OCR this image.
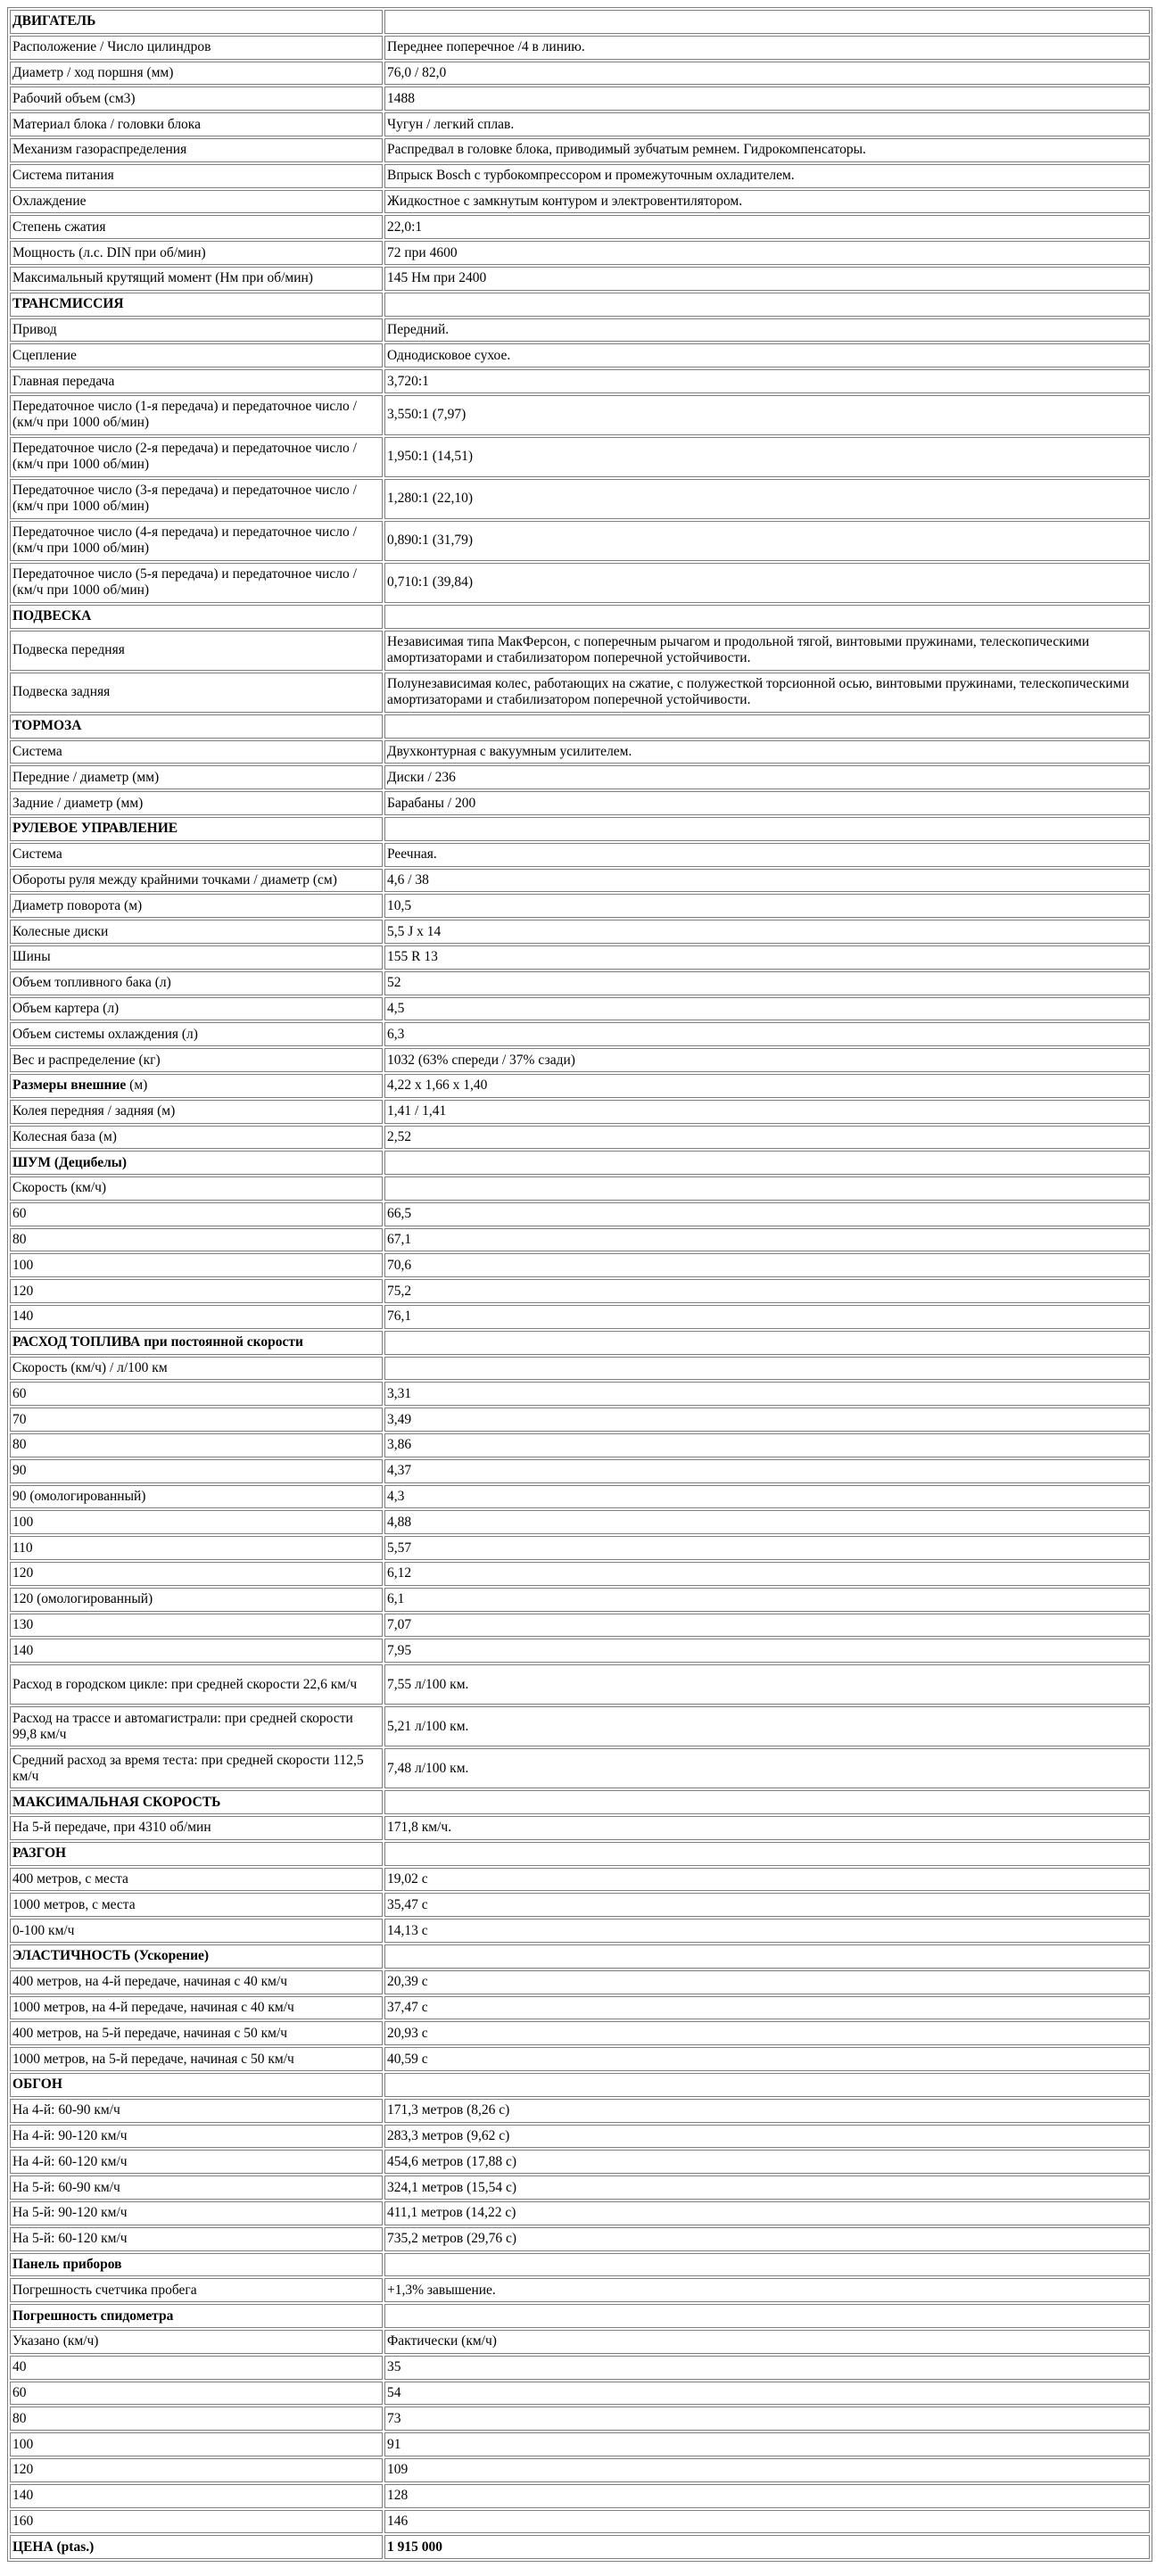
ДВИГАТЕЛЬ	
Расположение / Число цилиндров	Переднее поперечное /4 в линию.
Диаметр / ход поршня (мм)	76,0 / 82,0
Рабочий объем (см3)	1488
Материал блока / головки блока	Чугун / легкий сплав.
Механизм газораспределения	Распредвал в головке блока, приводимый зубчатым ремнем. Гидрокомпенсаторы.
Система питания	Впрыск Bosch с турбокомпрессором и промежуточным охладителем.
Охлаждение	Жидкостное с замкнутым контуром и электровентилятором.
Степень сжатия	22,0:1
Мощность (л.с. DIN при об/мин)	72 при 4600
Максимальный крутящий момент (Нм при об/мин)	145 Нм при 2400
ТРАНСМИССИЯ	
Привод	Передний.
Сцепление	Однодисковое сухое.
Главная передача	3,720:1
Передаточное число (1-я передача) и передаточное число / (км/ч при 1000 об/мин)	3,550:1 (7,97)
Передаточное число (2-я передача) и передаточное число / (км/ч при 1000 об/мин)	1,950:1 (14,51)
Передаточное число (3-я передача) и передаточное число / (км/ч при 1000 об/мин)	1,280:1 (22,10)
Передаточное число (4-я передача) и передаточное число / (км/ч при 1000 об/мин)	0,890:1 (31,79)
Передаточное число (5-я передача) и передаточное число / (км/ч при 1000 об/мин)	0,710:1 (39,84)
ПОДВЕСКА	
Подвеска передняя	Независимая типа МакФерсон, с поперечным рычагом и продольной тягой, винтовыми пружинами, телескопическими амортизаторами и стабилизатором поперечной устойчивости.
Подвеска задняя	Полунезависимая колес, работающих на сжатие, с полужесткой торсионной осью, винтовыми пружинами, телескопическими амортизаторами и стабилизатором поперечной устойчивости.
ТОРМОЗА	
Система	Двухконтурная с вакуумным усилителем.
Передние / диаметр (мм)	Диски / 236
Задние / диаметр (мм)	Барабаны / 200
РУЛЕВОЕ УПРАВЛЕНИЕ	
Система	Реечная.
Обороты руля между крайними точками / диаметр (см)	4,6 / 38
Диаметр поворота (м)	10,5
Колесные диски	5,5 J x 14
Шины	155 R 13
Объем топливного бака (л)	52
Объем картера (л)	4,5
Объем системы охлаждения (л)	6,3
Вес и распределение (кг)	1032 (63% спереди / 37% сзади)
Размеры внешние (м)	4,22 x 1,66 x 1,40
Колея передняя / задняя (м)	1,41 / 1,41
Колесная база (м)	2,52
ШУМ (Децибелы)	
Скорость (км/ч)	
60	66,5
80	67,1
100	70,6
120	75,2
140	76,1
РАСХОД ТОПЛИВА при постоянной скорости	
Скорость (км/ч) / л/100 км	
60	3,31
70	3,49
80	3,86
90	4,37
90 (омологированный)	4,3
100	4,88
110	5,57
120	6,12
120 (омологированный)	6,1
130	7,07
140	7,95
Расход в городском цикле: при средней скорости 22,6 км/ч	7,55 л/100 км.
Расход на трассе и автомагистрали: при средней скорости 99,8 км/ч	5,21 л/100 км.
Средний расход за время теста: при средней скорости 112,5 км/ч	7,48 л/100 км.
МАКСИМАЛЬНАЯ СКОРОСТЬ	
На 5-й передаче, при 4310 об/мин	171,8 км/ч.
РАЗГОН	
400 метров, с места	19,02 c
1000 метров, с места	35,47 c
0-100 км/ч	14,13 c
ЭЛАСТИЧНОСТЬ (Ускорение)	
400 метров, на 4-й передаче, начиная с 40 км/ч	20,39 c
1000 метров, на 4-й передаче, начиная с 40 км/ч	37,47 c
400 метров, на 5-й передаче, начиная с 50 км/ч	20,93 c
1000 метров, на 5-й передаче, начиная с 50 км/ч	40,59 c
ОБГОН	
На 4-й: 60-90 км/ч	171,3 метров (8,26 c)
На 4-й: 90-120 км/ч	283,3 метров (9,62 c)
На 4-й: 60-120 км/ч	454,6 метров (17,88 c)
На 5-й: 60-90 км/ч	324,1 метров (15,54 c)
На 5-й: 90-120 км/ч	411,1 метров (14,22 c)
На 5-й: 60-120 км/ч	735,2 метров (29,76 c)
Панель приборов	
Погрешность счетчика пробега	+1,3% завышение.
Погрешность спидометра	
Указано (км/ч)	Фактически (км/ч)
40	35
60	54
80	73
100	91
120	109
140	128
160	146
ЦЕНА (ptas.)	1 915 000
